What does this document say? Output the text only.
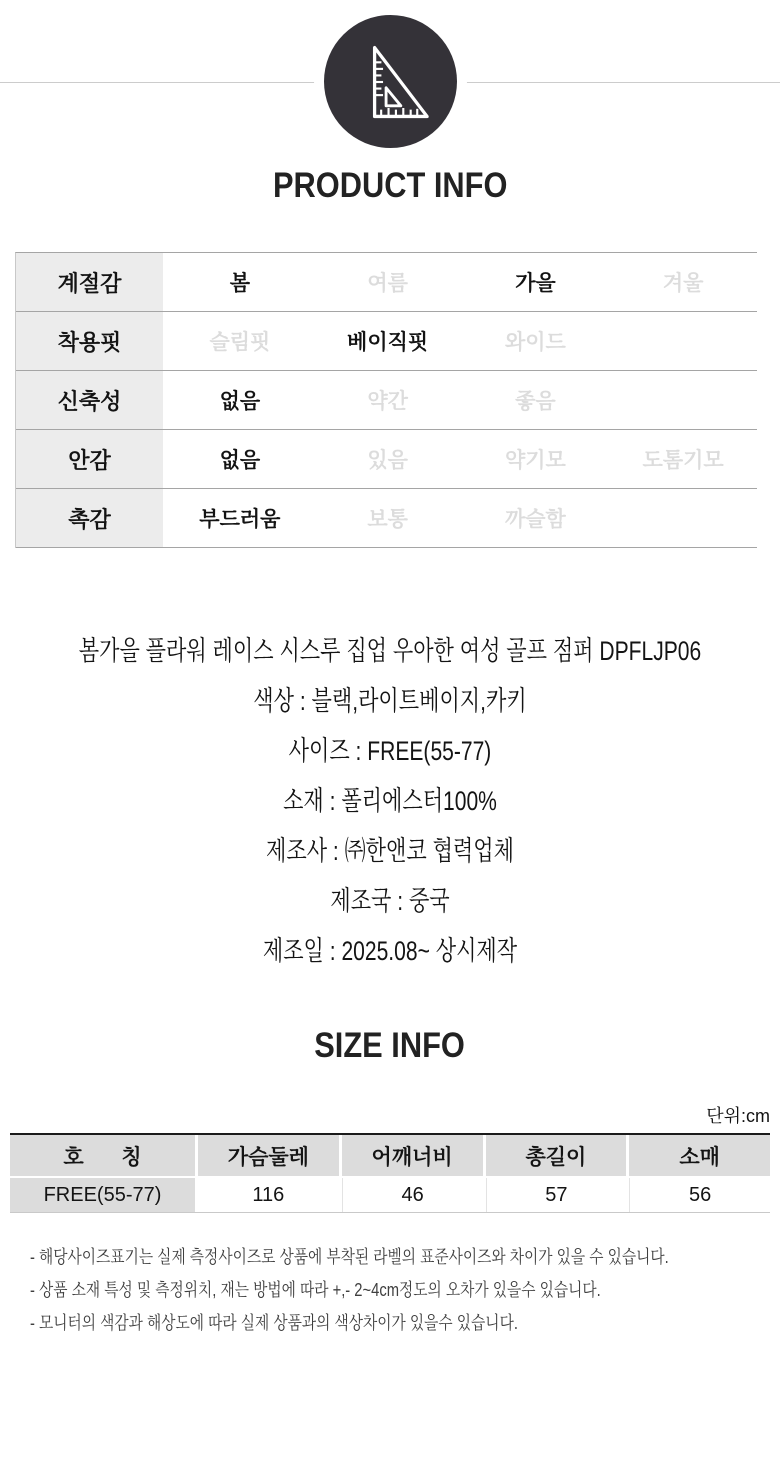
PRODUCT INFO
계절감	봄	여름	가을	겨울
착용핏	슬림핏	베이직핏	와이드
신축성	없음	약간	좋음
안감	없음	있음	약기모	도톰기모
촉감	부드러움	보통	까슬함
봄가을 플라워 레이스 시스루 집업 우아한 여성 골프 점퍼 DPFLJP06
색상 : 블랙,라이트베이지,카키
사이즈 : FREE(55-77)
소재 : 폴리에스터100%
제조사 : ㈜한앤코 협력업체
제조국 : 중국
제조일 : 2025.08~ 상시제작
SIZE INFO
단위:cm
호칭	가슴둘레	어깨너비	총길이	소매
FREE(55-77)	116	46	57	56
- 해당사이즈표기는 실제 측정사이즈로 상품에 부착된 라벨의 표준사이즈와 차이가 있을 수 있습니다.
- 상품 소재 특성 및 측정위치, 재는 방법에 따라 +,- 2~4cm정도의 오차가 있을수 있습니다.
- 모니터의 색감과 해상도에 따라 실제 상품과의 색상차이가 있을수 있습니다.
